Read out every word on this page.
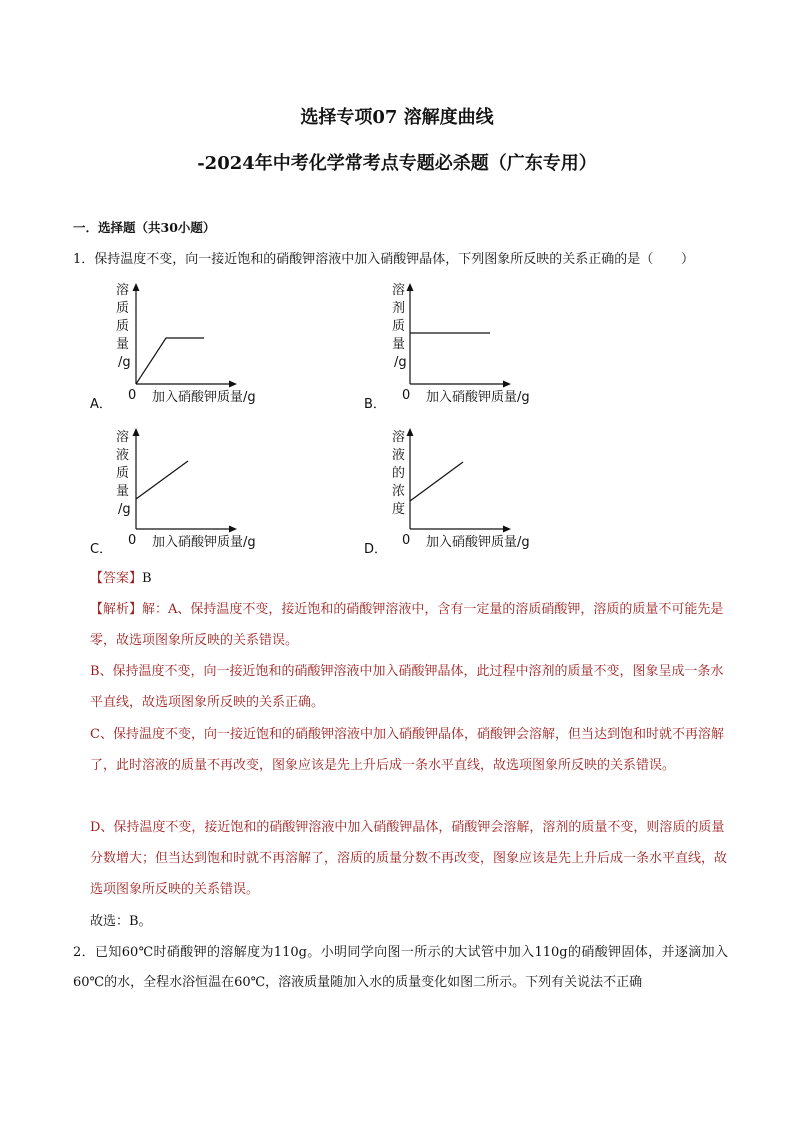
选择专项07 溶解度曲线
-2024年中考化学常考点专题必杀题（广东专用）
一．选择题（共30小题）
1．保持温度不变，向一接近饱和的硝酸钾溶液中加入硝酸钾晶体，下列图象所反映的关系正确的是（ ）
溶
质
质
量
/g
0 加入硝酸钾质量/g
A．
溶
剂
质
量
/g
0 加入硝酸钾质量/g
B．
溶
液
质
量
/g
0 加入硝酸钾质量/g
C．
溶
液
的
浓
度
0 加入硝酸钾质量/g
D．
【答案】B
【解析】解：A、保持温度不变，接近饱和的硝酸钾溶液中，含有一定量的溶质硝酸钾，溶质的质量不可能先是零，故选项图象所反映的关系错误。
B、保持温度不变，向一接近饱和的硝酸钾溶液中加入硝酸钾晶体，此过程中溶剂的质量不变，图象呈成一条水平直线，故选项图象所反映的关系正确。
C、保持温度不变，向一接近饱和的硝酸钾溶液中加入硝酸钾晶体，硝酸钾会溶解，但当达到饱和时就不再溶解了，此时溶液的质量不再改变，图象应该是先上升后成一条水平直线，故选项图象所反映的关系错误。
D、保持温度不变，接近饱和的硝酸钾溶液中加入硝酸钾晶体，硝酸钾会溶解，溶剂的质量不变，则溶质的质量分数增大；但当达到饱和时就不再溶解了，溶质的质量分数不再改变，图象应该是先上升后成一条水平直线，故选项图象所反映的关系错误。
故选：B。
2．已知60℃时硝酸钾的溶解度为110g。小明同学向图一所示的大试管中加入110g的硝酸钾固体，并逐滴加入60℃的水，全程水浴恒温在60℃，溶液质量随加入水的质量变化如图二所示。下列有关说法不正确
